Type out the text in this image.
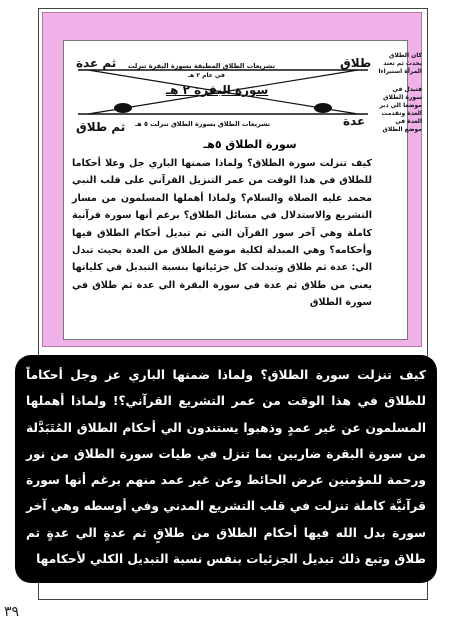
كان الطلاق يحدث ثم تعتد المرأة استبراءا
فتبدل في سورة الطلاق موضعا الي دبر العدة وتقدمت العدة في موضع الطلاق
طلاق
ثم عدة تشريعات الطلاق المطبقة بسورة البقرة تنزلت
في عام ٢ هـ
سورة البقرة ٢ هـ
عدة
ثم طلاق تشريعات الطلاق بسورة الطلاق تنزلت ٥ هـ
سورة الطلاق ٥هـ
كيف تنزلت سورة الطلاق؟ ولماذا ضمنها الباري جل وعلا أحكاما للطلاق في هذا الوقت من عمر التنزيل القرآني على قلب النبي محمد عليه الصلاة والسلام؟ ولماذا أهملها المسلمون من مسار التشريع والاستدلال في مسائل الطلاق؟ برغم أنها سورة قرآنية كاملة وهي آخر سور القرآن التي تم تبديل أحكام الطلاق فيها وأحكامه؟ وهي المبدلة لكلية موضع الطلاق من العدة بحيث تبدل الي: عدة ثم طلاق وتبدلت كل جزئياتها بنسبة التبديل في كلياتها يعني من طلاق ثم عدة في سورة البقرة الي عدة ثم طلاق في سورة الطلاق
كيف تنزلت سورة الطلاق؟ ولماذا ضمنها الباري عز وجل أحكاماً للطلاق في هذا الوقت من عمر التشريع القرآني؟! ولماذا أهملها المسلمون عن غير عمدٍ وذهبوا يستندون الي أحكام الطلاق المُتَبَدَّلة من سورة البقرة ضاربين بما تنزل في طيات سورة الطلاق من نور ورحمة للمؤمنين عرض الحائط وعن غير عمد منهم برغم أنها سورة قرآنيَّة كاملة تنزلت في قلب التشريع المدني وفي أوسطه وهي آخر سورة بدل الله فيها أحكام الطلاق من طلاقٍ ثم عدةٍ الي عدةٍ ثم طلاق وتبع ذلك تبديل الجزئيات بنفس نسبة التبديل الكلي لأحكامها
٣٩
